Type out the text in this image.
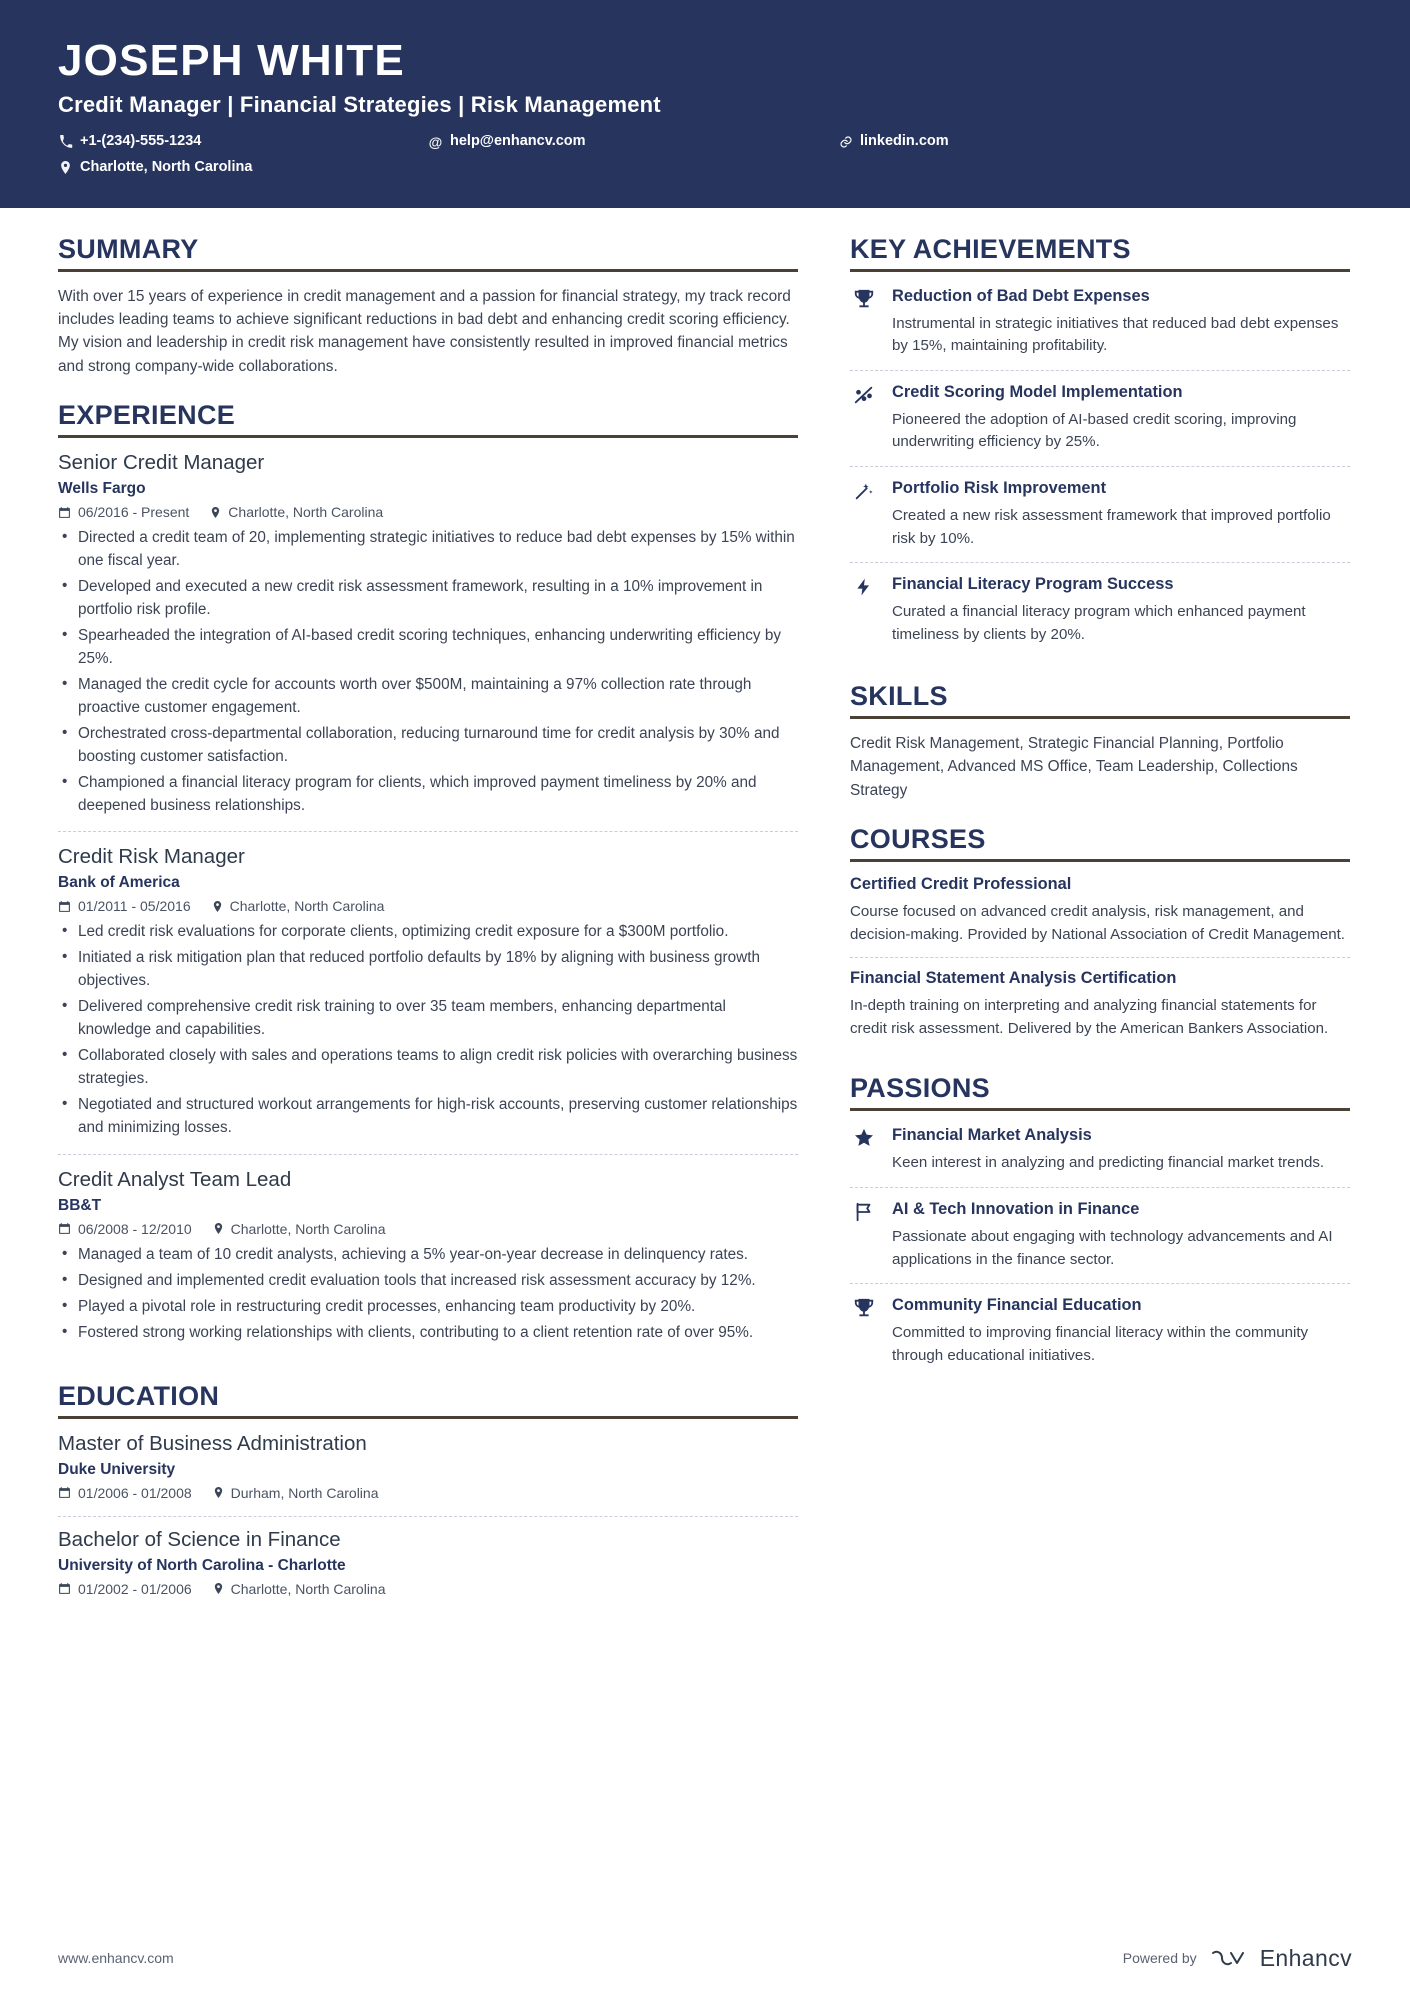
JOSEPH WHITE
Credit Manager | Financial Strategies | Risk Management
+1-(234)-555-1234	@ help@enhancv.com	linkedin.com
Charlotte, North Carolina
SUMMARY

With over 15 years of experience in credit management and a passion for financial strategy, my track record includes leading teams to achieve significant reductions in bad debt and enhancing credit scoring efficiency. My vision and leadership in credit risk management have consistently resulted in improved financial metrics and strong company-wide collaborations.

EXPERIENCE
Senior Credit Manager
Wells Fargo
06/2016 - Present	Charlotte, North Carolina
• Directed a credit team of 20, implementing strategic initiatives to reduce bad debt expenses by 15% within one fiscal year.
• Developed and executed a new credit risk assessment framework, resulting in a 10% improvement in portfolio risk profile.
• Spearheaded the integration of AI-based credit scoring techniques, enhancing underwriting efficiency by 25%.
• Managed the credit cycle for accounts worth over $500M, maintaining a 97% collection rate through proactive customer engagement.
• Orchestrated cross-departmental collaboration, reducing turnaround time for credit analysis by 30% and boosting customer satisfaction.
• Championed a financial literacy program for clients, which improved payment timeliness by 20% and deepened business relationships.
Credit Risk Manager
Bank of America
01/2011 - 05/2016	Charlotte, North Carolina
• Led credit risk evaluations for corporate clients, optimizing credit exposure for a $300M portfolio.
• Initiated a risk mitigation plan that reduced portfolio defaults by 18% by aligning with business growth objectives.
• Delivered comprehensive credit risk training to over 35 team members, enhancing departmental knowledge and capabilities.
• Collaborated closely with sales and operations teams to align credit risk policies with overarching business strategies.
• Negotiated and structured workout arrangements for high-risk accounts, preserving customer relationships and minimizing losses.
Credit Analyst Team Lead
BB&T
06/2008 - 12/2010	Charlotte, North Carolina
• Managed a team of 10 credit analysts, achieving a 5% year-on-year decrease in delinquency rates.
• Designed and implemented credit evaluation tools that increased risk assessment accuracy by 12%.
• Played a pivotal role in restructuring credit processes, enhancing team productivity by 20%.
• Fostered strong working relationships with clients, contributing to a client retention rate of over 95%.
EDUCATION
Master of Business Administration
Duke University
01/2006 - 01/2008	Durham, North Carolina
Bachelor of Science in Finance
University of North Carolina - Charlotte
01/2002 - 01/2006	Charlotte, North Carolina
KEY ACHIEVEMENTS
Reduction of Bad Debt Expenses

Instrumental in strategic initiatives that reduced bad debt expenses by 15%, maintaining profitability.

Credit Scoring Model Implementation

Pioneered the adoption of AI-based credit scoring, improving underwriting efficiency by 25%.

Portfolio Risk Improvement

Created a new risk assessment framework that improved portfolio risk by 10%.

Financial Literacy Program Success

Curated a financial literacy program which enhanced payment timeliness by clients by 20%.

SKILLS

Credit Risk Management, Strategic Financial Planning, Portfolio Management, Advanced MS Office, Team Leadership, Collections Strategy

COURSES
Certified Credit Professional

Course focused on advanced credit analysis, risk management, and decision-making. Provided by National Association of Credit Management.

Financial Statement Analysis Certification

In-depth training on interpreting and analyzing financial statements for credit risk assessment. Delivered by the American Bankers Association.

PASSIONS
Financial Market Analysis

Keen interest in analyzing and predicting financial market trends.

AI & Tech Innovation in Finance

Passionate about engaging with technology advancements and AI applications in the finance sector.

Community Financial Education

Committed to improving financial literacy within the community through educational initiatives.

www.enhancv.com	Powered by	Enhancv
